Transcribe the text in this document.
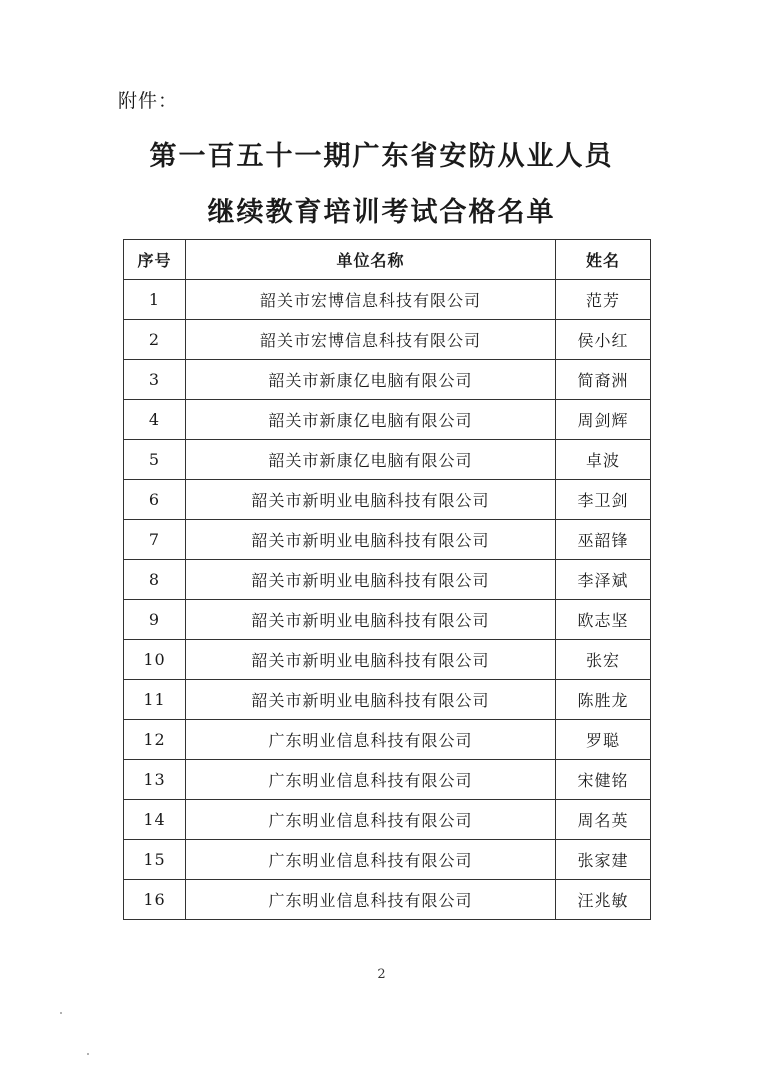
附件：
第一百五十一期广东省安防从业人员
继续教育培训考试合格名单
序号	单位名称	姓名
1	韶关市宏博信息科技有限公司	范芳
2	韶关市宏博信息科技有限公司	侯小红
3	韶关市新康亿电脑有限公司	简裔洲
4	韶关市新康亿电脑有限公司	周剑辉
5	韶关市新康亿电脑有限公司	卓波
6	韶关市新明业电脑科技有限公司	李卫剑
7	韶关市新明业电脑科技有限公司	巫韶锋
8	韶关市新明业电脑科技有限公司	李泽斌
9	韶关市新明业电脑科技有限公司	欧志坚
10	韶关市新明业电脑科技有限公司	张宏
11	韶关市新明业电脑科技有限公司	陈胜龙
12	广东明业信息科技有限公司	罗聪
13	广东明业信息科技有限公司	宋健铭
14	广东明业信息科技有限公司	周名英
15	广东明业信息科技有限公司	张家建
16	广东明业信息科技有限公司	汪兆敏
2
